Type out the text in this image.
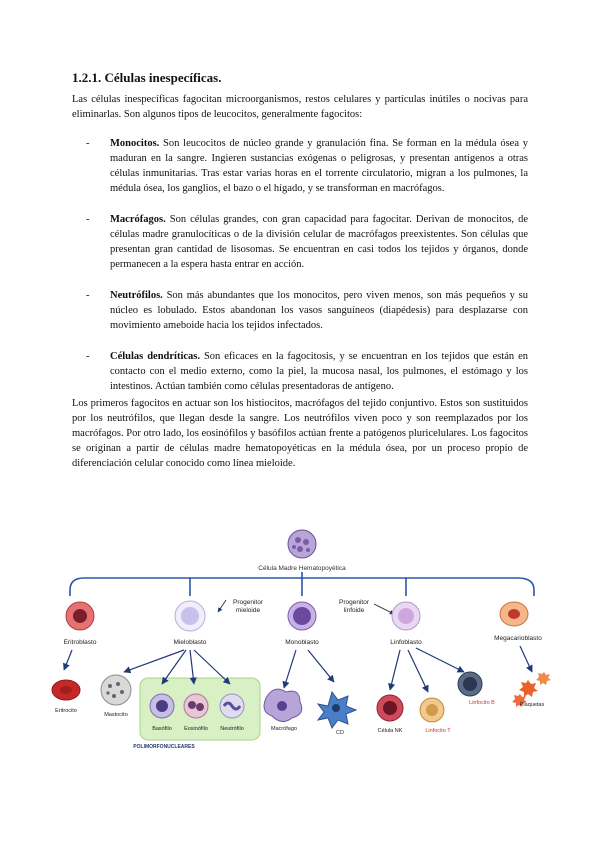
1.2.1. Células inespecíficas.

Las células inespecíficas fagocitan microorganismos, restos celulares y partículas inútiles o nocivas para eliminarlas. Son algunos tipos de leucocitos, generalmente fagocitos:

- Monocitos. Son leucocitos de núcleo grande y granulación fina. Se forman en la médula ósea y maduran en la sangre. Ingieren sustancias exógenas o peligrosas, y presentan antígenos a otras células inmunitarias. Tras estar varias horas en el torrente circulatorio, migran a los pulmones, la médula ósea, los ganglios, el bazo o el hígado, y se transforman en macrófagos.
- Macrófagos. Son células grandes, con gran capacidad para fagocitar. Derivan de monocitos, de células madre granulocíticas o de la división celular de macrófagos preexistentes. Son células que presentan gran cantidad de lisosomas. Se encuentran en casi todos los tejidos y órganos, donde permanecen a la espera hasta entrar en acción.
- Neutrófilos. Son más abundantes que los monocitos, pero viven menos, son más pequeños y su núcleo es lobulado. Estos abandonan los vasos sanguíneos (diapédesis) para desplazarse con movimiento ameboide hacia los tejidos infectados.
- Células dendríticas. Son eficaces en la fagocitosis, y se encuentran en los tejidos que están en contacto con el medio externo, como la piel, la mucosa nasal, los pulmones, el estómago y los intestinos. Actúan también como células presentadoras de antígeno.

Los primeros fagocitos en actuar son los histiocitos, macrófagos del tejido conjuntivo. Estos son sustituidos por los neutrófilos, que llegan desde la sangre. Los neutrófilos viven poco y son reemplazados por los macrófagos. Por otro lado, los eosinófilos y basófilos actúan frente a patógenos pluricelulares. Los fagocitos se originan a partir de células madre hematopoyéticas en la médula ósea, por un proceso propio de diferenciación celular conocido como línea mieloide.

Célula Madre Hematopoyética
Progenitor
mieloide
Progenitor
linfoide
Eritroblasto	Mieloblasto	Monoblasto	Linfoblasto
Megacarioblasto
Eritrocito
Mastocito
Basófilo Eosinófilo Neutrófilo
POLIMORFONUCLEARES
Macrófago
CD	Célula NK	Linfocito T
Linfocito B	Plaquetas
